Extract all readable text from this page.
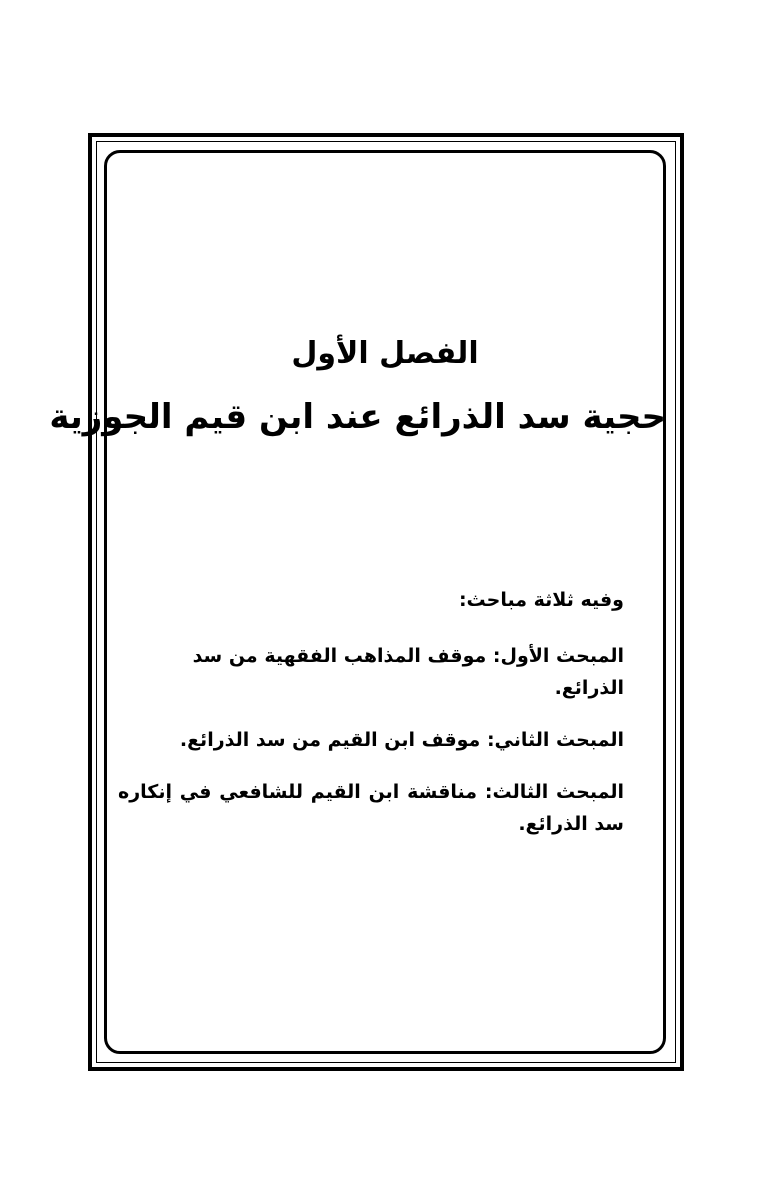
الفصل الأول
حجية سد الذرائع عند ابن قيم الجوزية

وفيه ثلاثة مباحث:

المبحث الأول: موقف المذاهب الفقهية من سد الذرائع.

المبحث الثاني: موقف ابن القيم من سد الذرائع.

المبحث الثالث: مناقشة ابن القيم للشافعي في إنكاره سد الذرائع.
